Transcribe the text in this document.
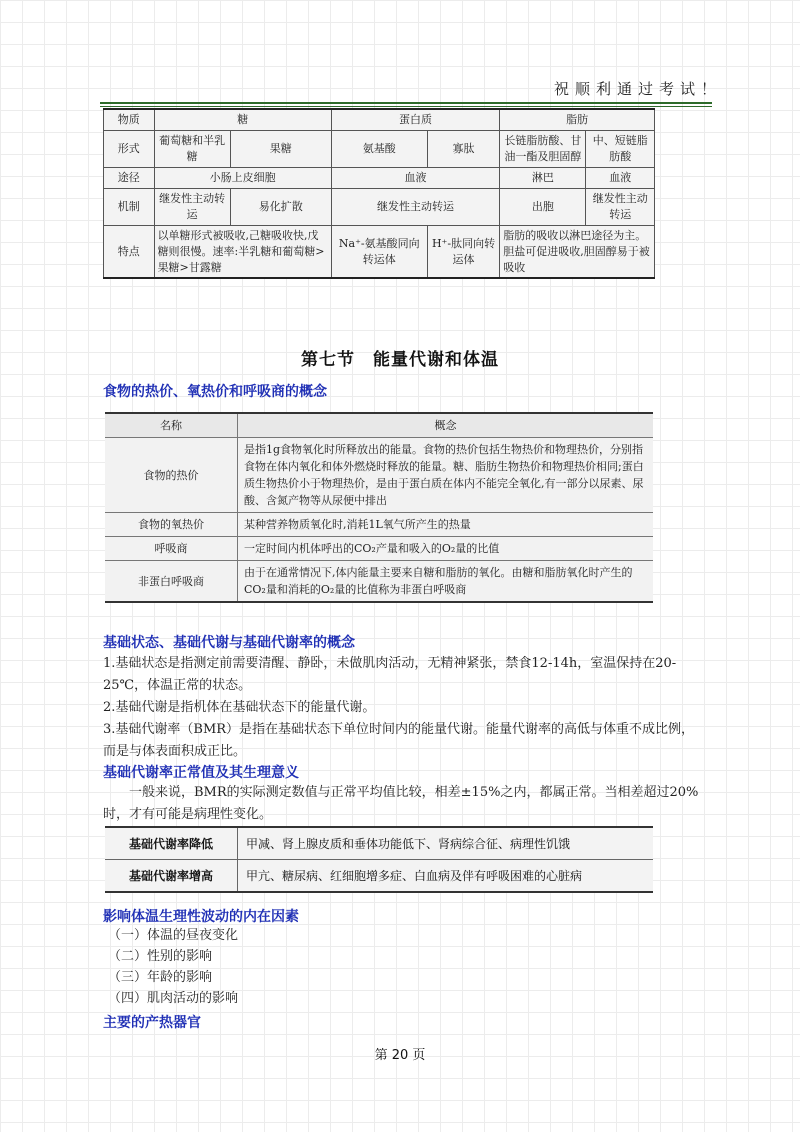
祝顺利通过考试！
物质	糖		蛋白质		脂肪	
形式	葡萄糖和半乳糖	果糖	氨基酸	寡肽	长链脂肪酸、甘油一酯及胆固醇	中、短链脂肪酸
途径	小肠上皮细胞		血液		淋巴	血液
机制	继发性主动转运	易化扩散	继发性主动转运		出胞	继发性主动转运
特点	以单糖形式被吸收,己糖吸收快,戊糖则很慢。速率:半乳糖和葡萄糖>果糖>甘露糖		Na⁺-氨基酸同向转运体	H⁺-肽同向转运体	脂肪的吸收以淋巴途径为主。胆盐可促进吸收,胆固醇易于被吸收	
第七节　能量代谢和体温
食物的热价、氧热价和呼吸商的概念
名称	概念
食物的热价	是指1g食物氧化时所释放出的能量。食物的热价包括生物热价和物理热价，分别指食物在体内氧化和体外燃烧时释放的能量。糖、脂肪生物热价和物理热价相同;蛋白质生物热价小于物理热价，是由于蛋白质在体内不能完全氧化,有一部分以尿素、尿酸、含氮产物等从尿便中排出
食物的氧热价	某种营养物质氧化时,消耗1L氧气所产生的热量
呼吸商	一定时间内机体呼出的CO₂产量和吸入的O₂量的比值
非蛋白呼吸商	由于在通常情况下,体内能量主要来自糖和脂肪的氧化。由糖和脂肪氧化时产生的CO₂量和消耗的O₂量的比值称为非蛋白呼吸商
基础状态、基础代谢与基础代谢率的概念
1.基础状态是指测定前需要清醒、静卧，未做肌肉活动，无精神紧张，禁食12-14h，室温保持在20-25℃，体温正常的状态。
2.基础代谢是指机体在基础状态下的能量代谢。
3.基础代谢率（BMR）是指在基础状态下单位时间内的能量代谢。能量代谢率的高低与体重不成比例，而是与体表面积成正比。
基础代谢率正常值及其生理意义
一般来说，BMR的实际测定数值与正常平均值比较，相差±15%之内，都属正常。当相差超过20%时，才有可能是病理性变化。
基础代谢率降低	甲减、肾上腺皮质和垂体功能低下、肾病综合征、病理性饥饿
基础代谢率增高	甲亢、糖尿病、红细胞增多症、白血病及伴有呼吸困难的心脏病
影响体温生理性波动的内在因素
（一）体温的昼夜变化
（二）性别的影响
（三）年龄的影响
（四）肌肉活动的影响
主要的产热器官
第 20 页
